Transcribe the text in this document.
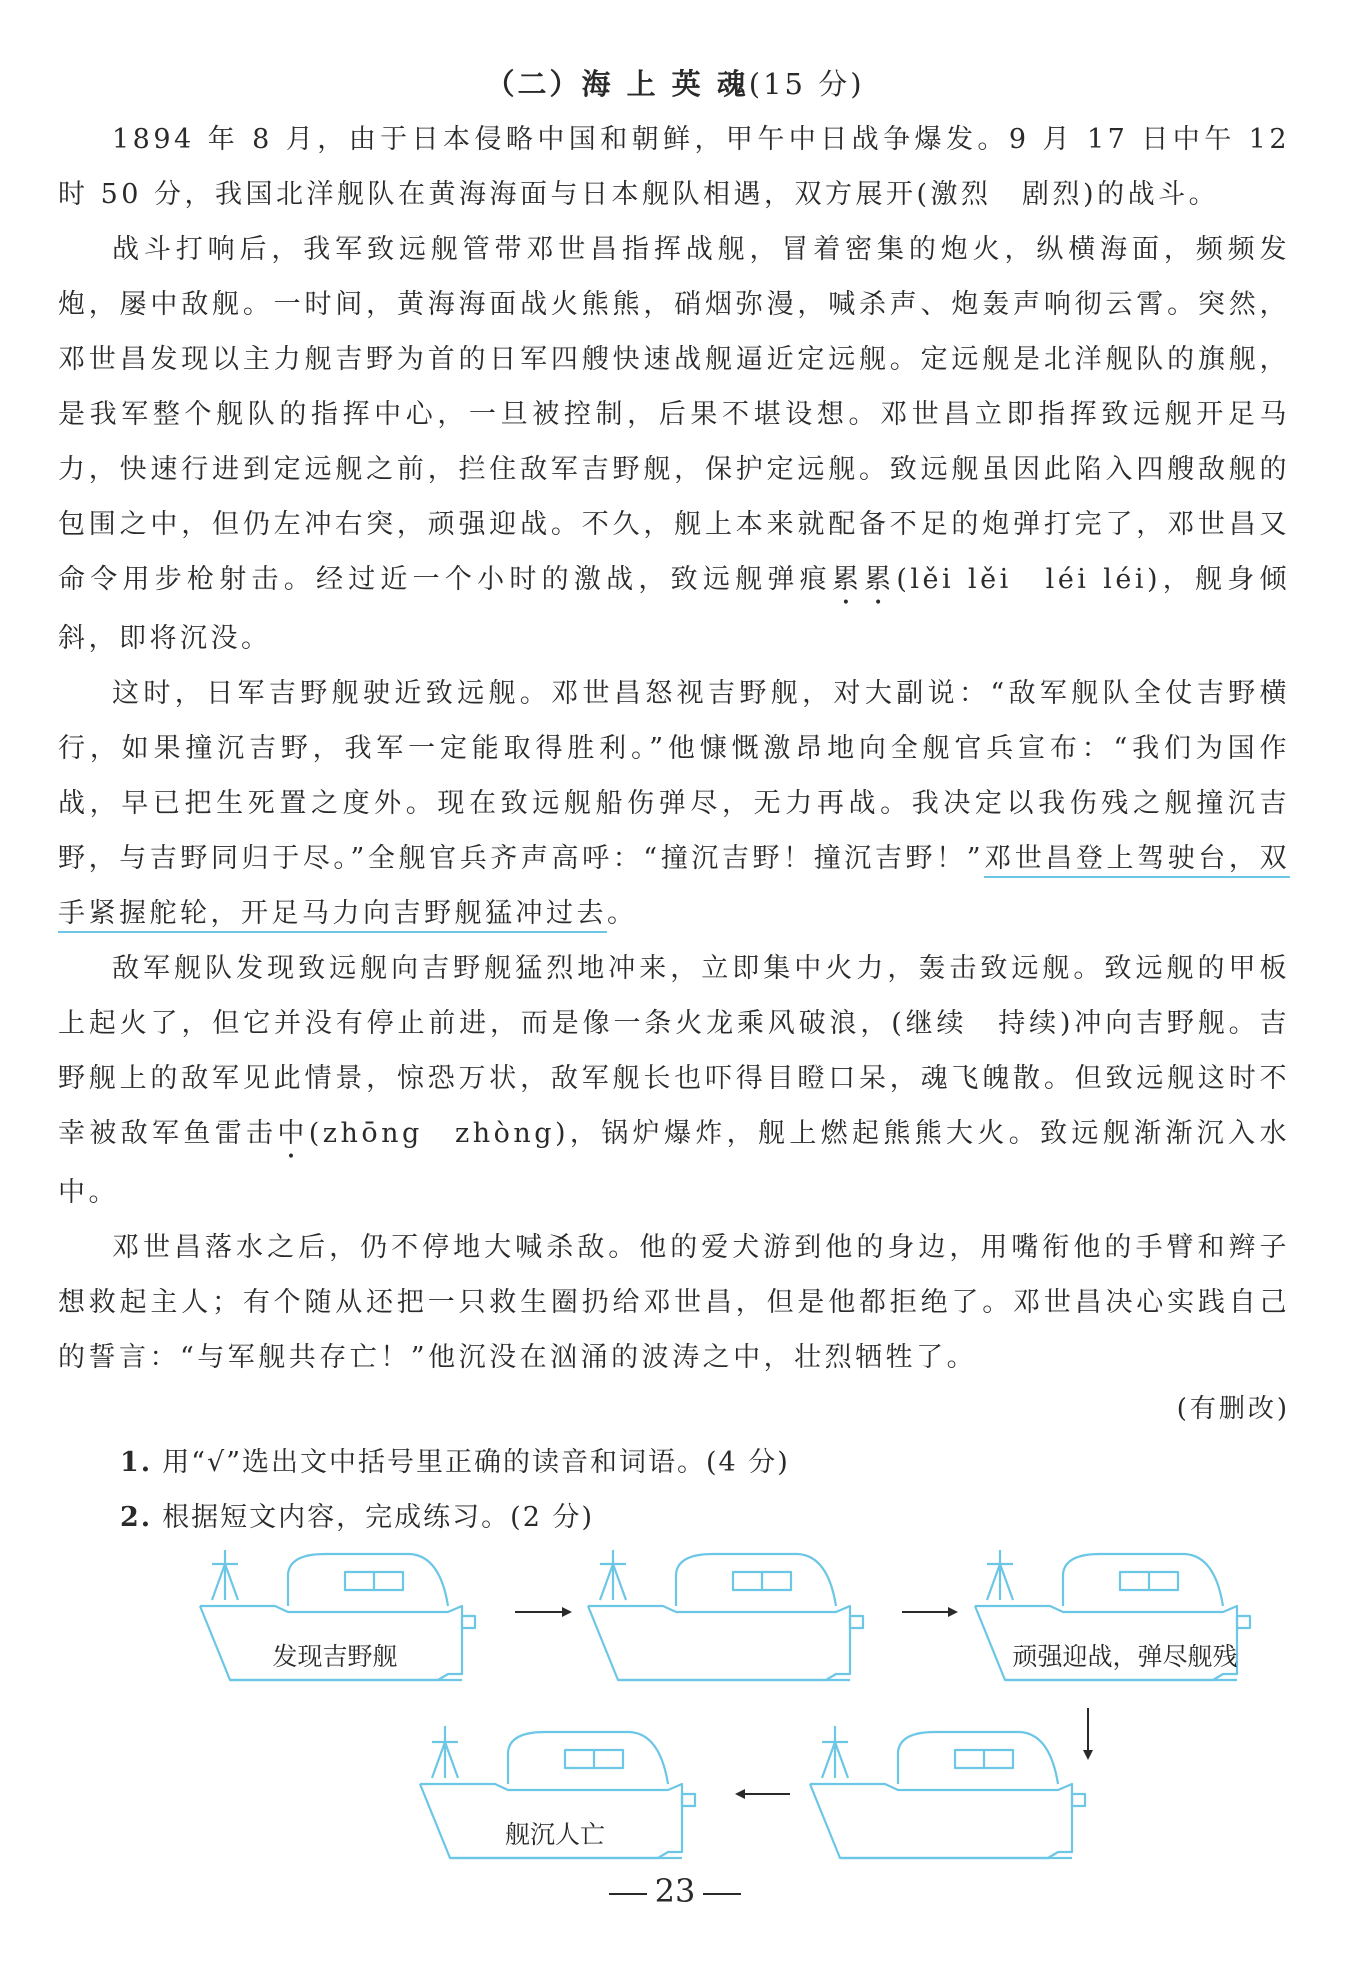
（二）海 上 英 魂(15 分)

1894 年 8 月，由于日本侵略中国和朝鲜，甲午中日战争爆发。9 月 17 日中午 12 时 50 分，我国北洋舰队在黄海海面与日本舰队相遇，双方展开(激烈　剧烈)的战斗。

战斗打响后，我军致远舰管带邓世昌指挥战舰，冒着密集的炮火，纵横海面，频频发炮，屡中敌舰。一时间，黄海海面战火熊熊，硝烟弥漫，喊杀声、炮轰声响彻云霄。突然，邓世昌发现以主力舰吉野为首的日军四艘快速战舰逼近定远舰。定远舰是北洋舰队的旗舰，是我军整个舰队的指挥中心，一旦被控制，后果不堪设想。邓世昌立即指挥致远舰开足马力，快速行进到定远舰之前，拦住敌军吉野舰，保护定远舰。致远舰虽因此陷入四艘敌舰的包围之中，但仍左冲右突，顽强迎战。不久，舰上本来就配备不足的炮弹打完了，邓世昌又命令用步枪射击。经过近一个小时的激战，致远舰弹痕累累(lěi lěi　léi léi)，舰身倾斜，即将沉没。

这时，日军吉野舰驶近致远舰。邓世昌怒视吉野舰，对大副说：“敌军舰队全仗吉野横行，如果撞沉吉野，我军一定能取得胜利。”他慷慨激昂地向全舰官兵宣布：“我们为国作战，早已把生死置之度外。现在致远舰船伤弹尽，无力再战。我决定以我伤残之舰撞沉吉野，与吉野同归于尽。”全舰官兵齐声高呼：“撞沉吉野！撞沉吉野！”邓世昌登上驾驶台，双手紧握舵轮，开足马力向吉野舰猛冲过去。

敌军舰队发现致远舰向吉野舰猛烈地冲来，立即集中火力，轰击致远舰。致远舰的甲板上起火了，但它并没有停止前进，而是像一条火龙乘风破浪，(继续　持续)冲向吉野舰。吉野舰上的敌军见此情景，惊恐万状，敌军舰长也吓得目瞪口呆，魂飞魄散。但致远舰这时不幸被敌军鱼雷击中(zhōng　zhòng)，锅炉爆炸，舰上燃起熊熊大火。致远舰渐渐沉入水中。

邓世昌落水之后，仍不停地大喊杀敌。他的爱犬游到他的身边，用嘴衔他的手臂和辫子想救起主人；有个随从还把一只救生圈扔给邓世昌，但是他都拒绝了。邓世昌决心实践自己的誓言：“与军舰共存亡！”他沉没在汹涌的波涛之中，壮烈牺牲了。

(有删改)
1. 用“√”选出文中括号里正确的读音和词语。(4 分)
2. 根据短文内容，完成练习。(2 分)
发现吉野舰	顽强迎战，弹尽舰残
舰沉人亡
23
